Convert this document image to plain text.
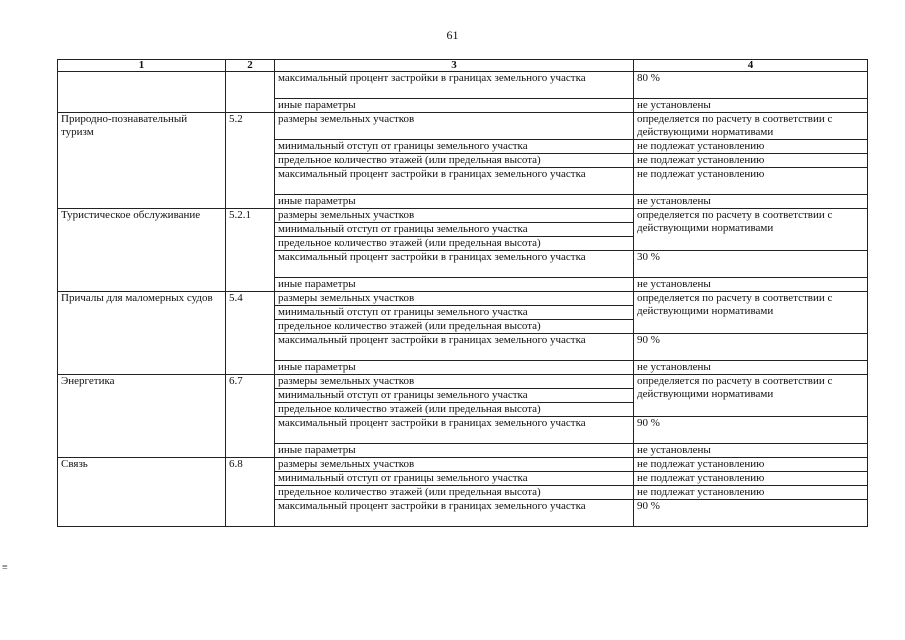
61
≡
1	2	3	4
		максимальный процент застройки в границах земельного участка	80 %
		иные параметры	не установлены
Природно-познавательный туризм	5.2	размеры земельных участков	определяется по расчету в соответствии с действующими нормативами
		минимальный отступ от границы земельного участка	не подлежат установлению
		предельное количество этажей (или предельная высота)	не подлежат установлению
		максимальный процент застройки в границах земельного участка	не подлежат установлению
		иные параметры	не установлены
Туристическое обслуживание	5.2.1	размеры земельных участков	определяется по расчету в соответствии с действующими нормативами
		минимальный отступ от границы земельного участка	
		предельное количество этажей (или предельная высота)	
		максимальный процент застройки в границах земельного участка	30 %
		иные параметры	не установлены
Причалы для маломерных судов	5.4	размеры земельных участков	определяется по расчету в соответствии с действующими нормативами
		минимальный отступ от границы земельного участка	
		предельное количество этажей (или предельная высота)	
		максимальный процент застройки в границах земельного участка	90 %
		иные параметры	не установлены
Энергетика	6.7	размеры земельных участков	определяется по расчету в соответствии с действующими нормативами
		минимальный отступ от границы земельного участка	
		предельное количество этажей (или предельная высота)	
		максимальный процент застройки в границах земельного участка	90 %
		иные параметры	не установлены
Связь	6.8	размеры земельных участков	не подлежат установлению
		минимальный отступ от границы земельного участка	не подлежат установлению
		предельное количество этажей (или предельная высота)	не подлежат установлению
		максимальный процент застройки в границах земельного участка	90 %
